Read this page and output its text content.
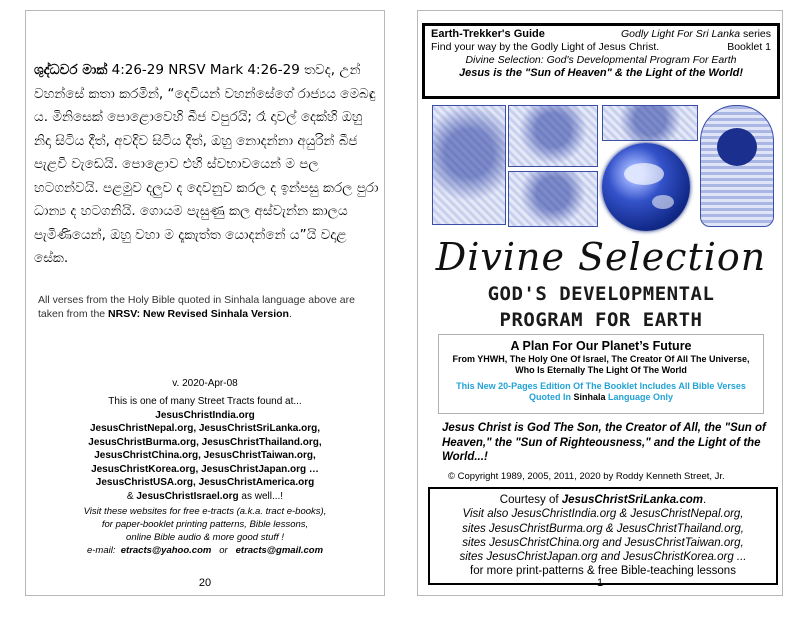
ශුද්ධවර මාක් 4:26-29 NRSV Mark 4:26-29 තවද, උන් වහන්සේ කතා කරමින්, “දෙවියන් වහන්සේගේ රාජ්‍යය මෙබඳු ය. මිනිසෙක් පොළොවෙහි බීජ වපුරයි; රෑ දාවල් දෙක්හි ඔහු නිදා සිටිය දීත්, අවදිව සිටිය දීත්, ඔහු නොදන්නා අයුරින් බීජ පැළවී වැඩෙයි. පොළොව එහි ස්වභාවයෙන් ම පල හටගන්වයි. පළමුව දලුව ද දෙවනුව කරල ද ඉන්පසු කරල පුරා ධාන්‍ය ද හටගනියි. ගොයම පැසුණු කල අස්වැන්න කාලය පැමිණියෙන්, ඔහු වහා ම දෑකැත්ත යොදන්නේ ය”යි වදාළ සේක.
All verses from the Holy Bible quoted in Sinhala language above are taken from the NRSV: New Revised Sinhala Version.
v. 2020-Apr-08
This is one of many Street Tracts found at...
JesusChristIndia.org
JesusChristNepal.org, JesusChristSriLanka.org,
JesusChristBurma.org, JesusChristThailand.org,
JesusChristChina.org, JesusChristTaiwan.org,
JesusChristKorea.org, JesusChristJapan.org …
JesusChristUSA.org, JesusChristAmerica.org
& JesusChristIsrael.org as well...!
Visit these websites for free e-tracts (a.k.a. tract e-books),
for paper-booklet printing patterns, Bible lessons,
online Bible audio & more good stuff !
e-mail: etracts@yahoo.com or etracts@gmail.com
20
Earth-Trekker's Guide	Godly Light For Sri Lanka series
Find your way by the Godly Light of Jesus Christ.	Booklet 1
Divine Selection: God's Developmental Program For Earth
Jesus is the "Sun of Heaven" & the Light of the World!
Divine Selection
GOD'S DEVELOPMENTAL
PROGRAM FOR EARTH
A Plan For Our Planet’s Future
From YHWH, The Holy One Of Israel, The Creator Of All The Universe, Who Is Eternally The Light Of The World
This New 20-Pages Edition Of The Booklet Includes All Bible Verses Quoted In Sinhala Language Only
Jesus Christ is God The Son, the Creator of All, the "Sun of Heaven," the "Sun of Righteousness," and the Light of the World...!
© Copyright 1989, 2005, 2011, 2020 by Roddy Kenneth Street, Jr.
Courtesy of JesusChristSriLanka.com.
Visit also JesusChristIndia.org & JesusChristNepal.org,
sites JesusChristBurma.org & JesusChristThailand.org,
sites JesusChristChina.org and JesusChristTaiwan.org,
sites JesusChristJapan.org and JesusChristKorea.org ...
for more print-patterns & free Bible-teaching lessons
1
